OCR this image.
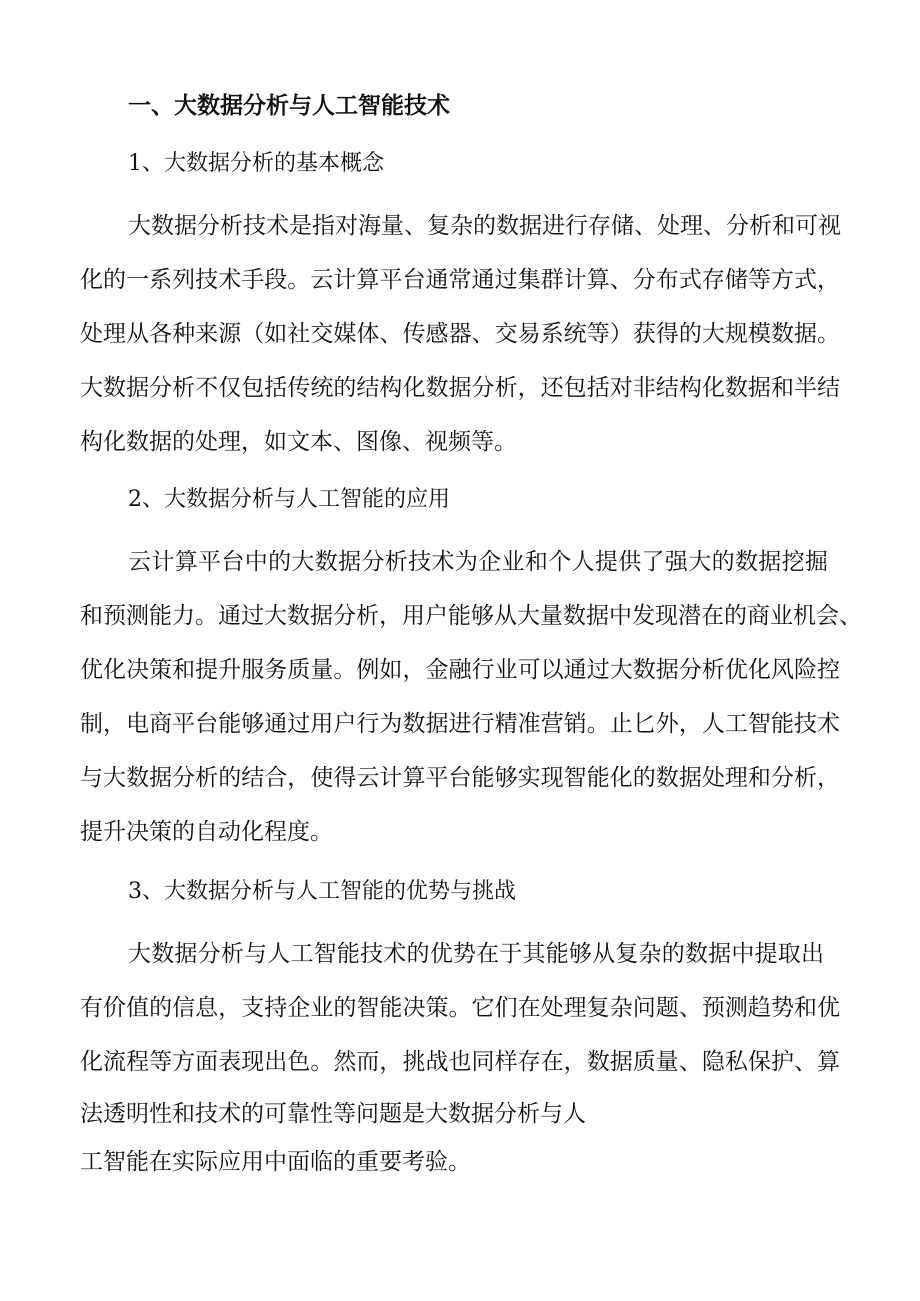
一、大数据分析与人工智能技术

1、大数据分析的基本概念

大数据分析技术是指对海量、复杂的数据进行存储、处理、分析和可视

化的一系列技术手段。云计算平台通常通过集群计算、分布式存储等方式，

处理从各种来源（如社交媒体、传感器、交易系统等）获得的大规模数据。

大数据分析不仅包括传统的结构化数据分析，还包括对非结构化数据和半结

构化数据的处理，如文本、图像、视频等。

2、大数据分析与人工智能的应用

云计算平台中的大数据分析技术为企业和个人提供了强大的数据挖掘

和预测能力。通过大数据分析，用户能够从大量数据中发现潜在的商业机会、

优化决策和提升服务质量。例如，金融行业可以通过大数据分析优化风险控

制，电商平台能够通过用户行为数据进行精准营销。止匕外，人工智能技术

与大数据分析的结合，使得云计算平台能够实现智能化的数据处理和分析，

提升决策的自动化程度。

3、大数据分析与人工智能的优势与挑战

大数据分析与人工智能技术的优势在于其能够从复杂的数据中提取出

有价值的信息，支持企业的智能决策。它们在处理复杂问题、预测趋势和优

化流程等方面表现出色。然而，挑战也同样存在，数据质量、隐私保护、算

法透明性和技术的可靠性等问题是大数据分析与人

工智能在实际应用中面临的重要考验。
